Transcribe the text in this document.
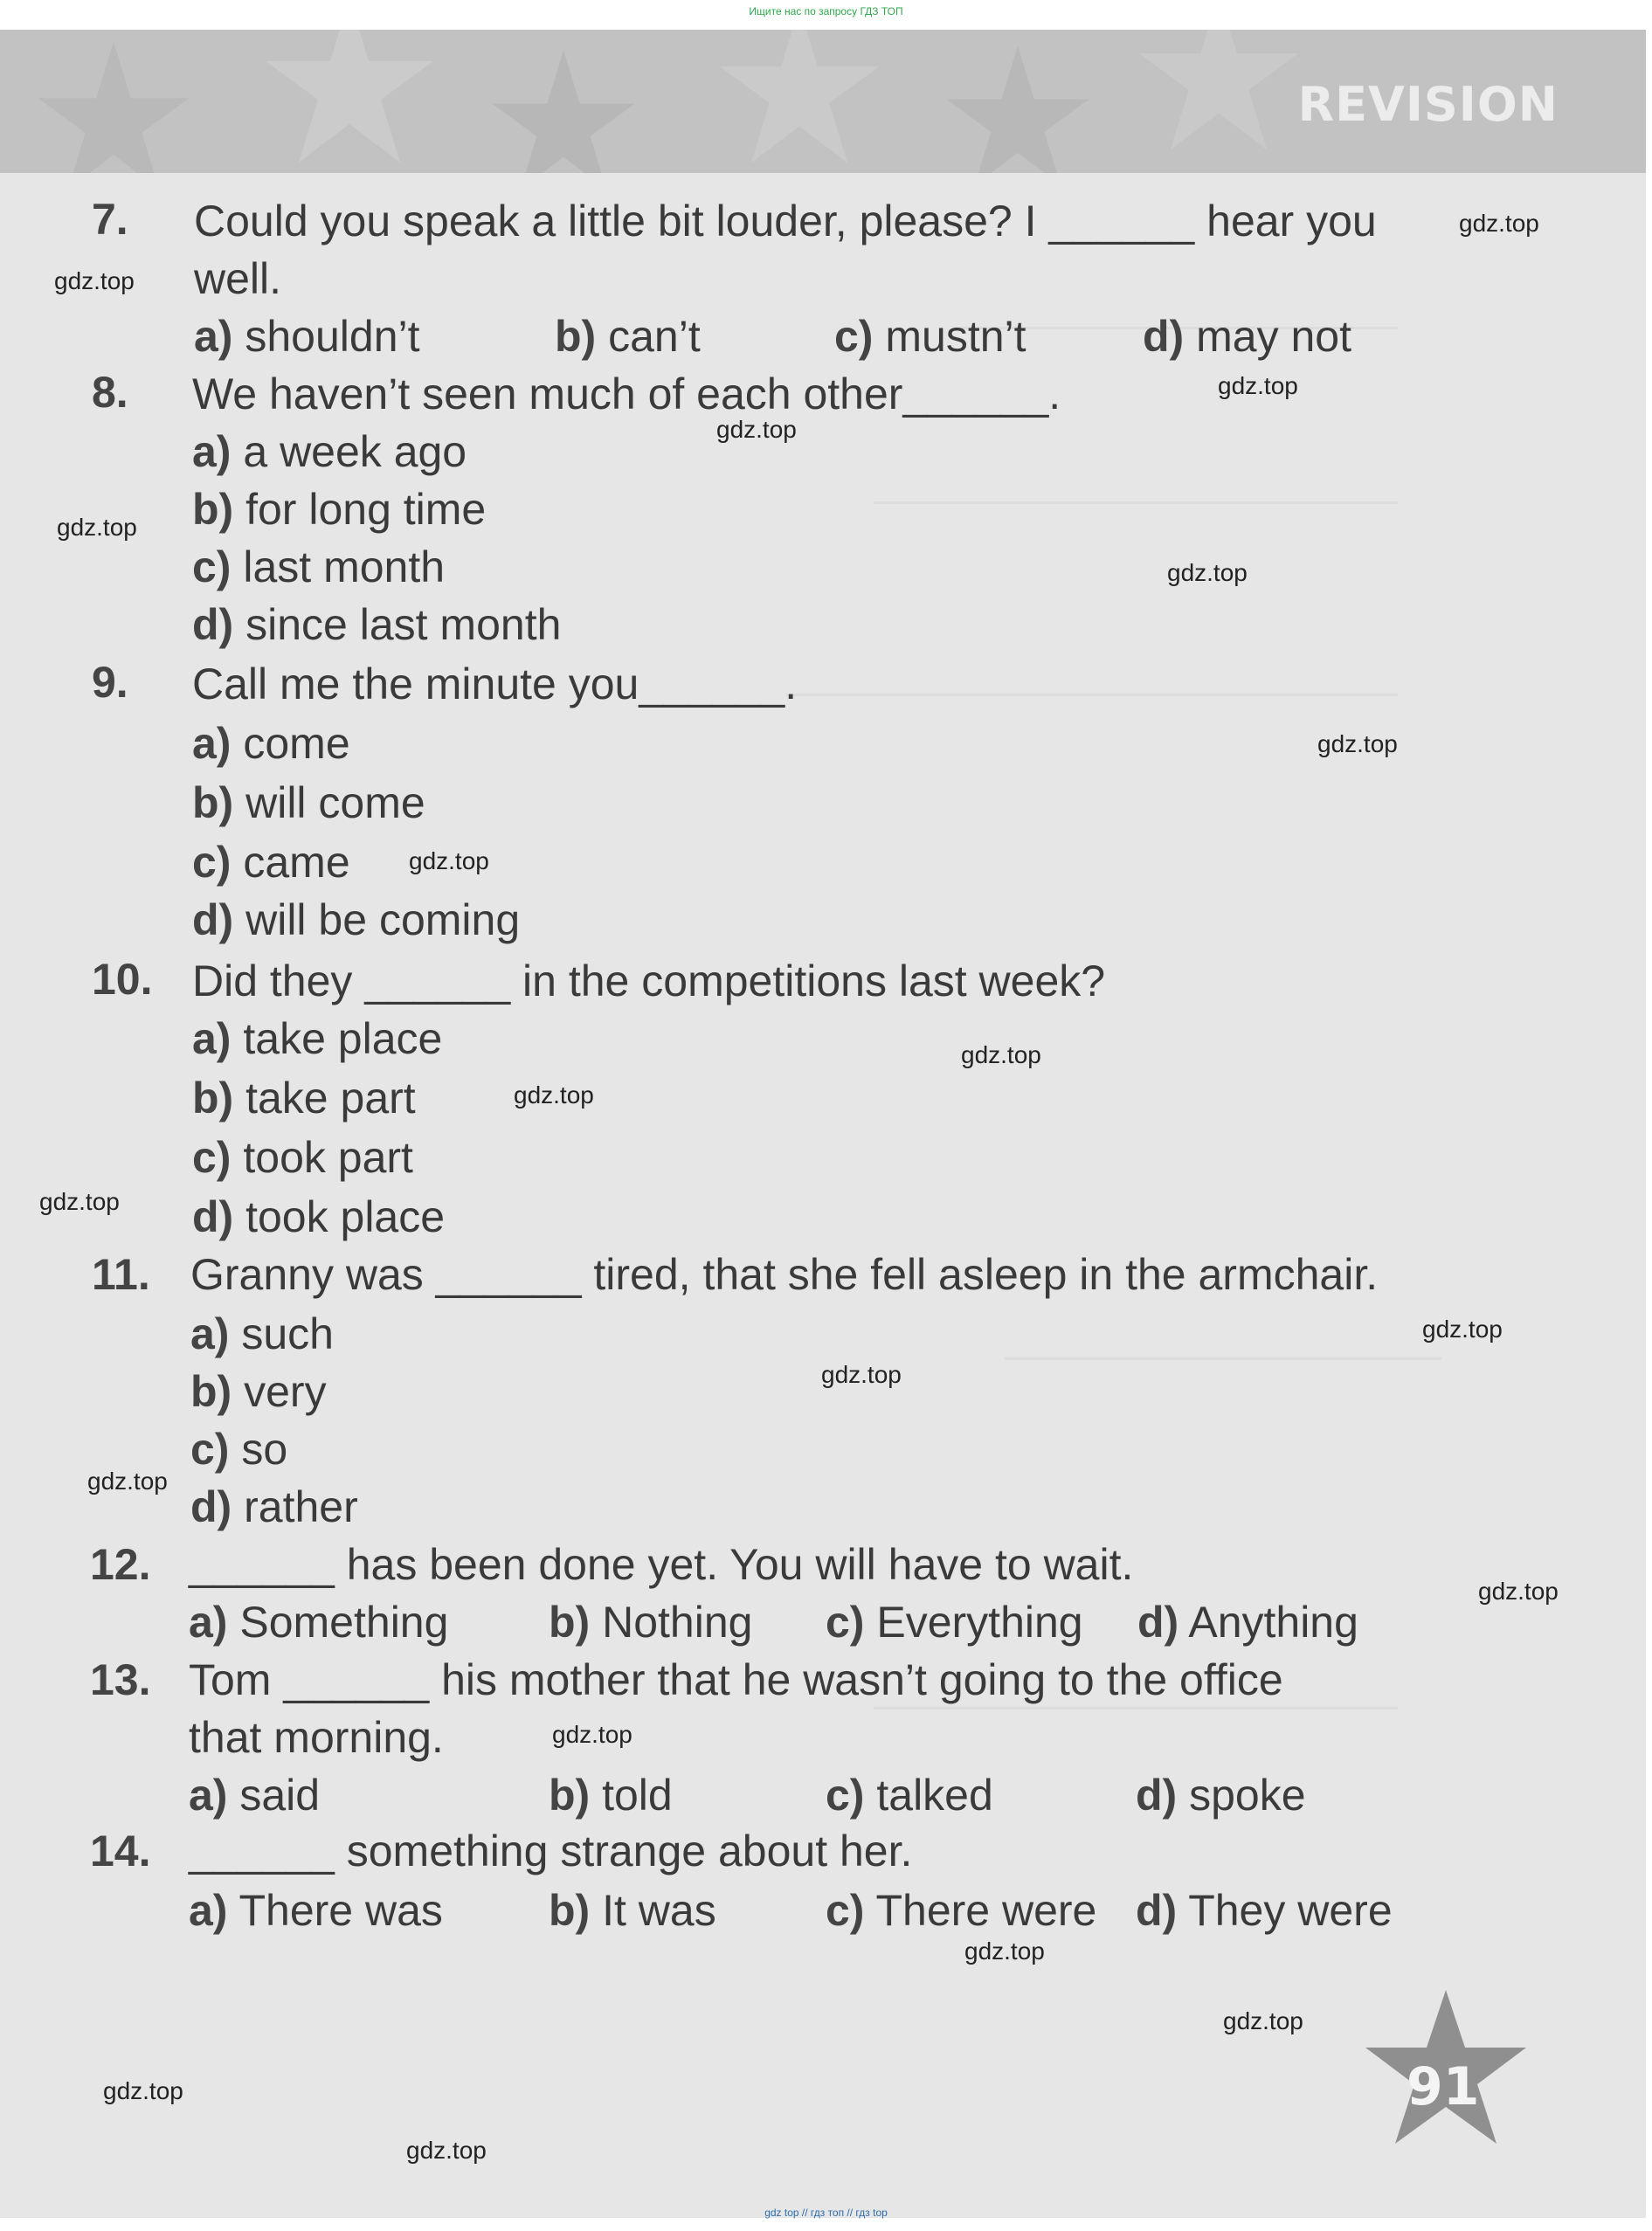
Ищите нас по запросу ГДЗ ТОП
REVISION
7. Could you speak a little bit louder, please? I ______ hear you
well.
a) shouldn’t	b) can’t	c) mustn’t	d) may not
8. We haven’t seen much of each other______.
a) a week ago
b) for long time
c) last month
d) since last month
9. Call me the minute you______.
a) come
b) will come
c) came
d) will be coming
10. Did they ______ in the competitions last week?
a) take place
b) take part
c) took part
d) took place
11. Granny was ______ tired, that she fell asleep in the armchair.
a) such
b) very
c) so
d) rather
12. ______ has been done yet. You will have to wait.
a) Something b) Nothing c) Everything d) Anything
13. Tom ______ his mother that he wasn’t going to the office
that morning.
a) said	b) told	c) talked	d) spoke
14. ______ something strange about her.
a) There was b) It was	c) There were d) They were
91
gdz.top
gdz.top
gdz.top
gdz.top
gdz.top
gdz.top
gdz.top
gdz.top
gdz.top
gdz.top
gdz.top
gdz.top
gdz.top
gdz.top
gdz.top
gdz.top
gdz.top
gdz.top
gdz.top
gdz.top
gdz top // гдз топ // гдз top
